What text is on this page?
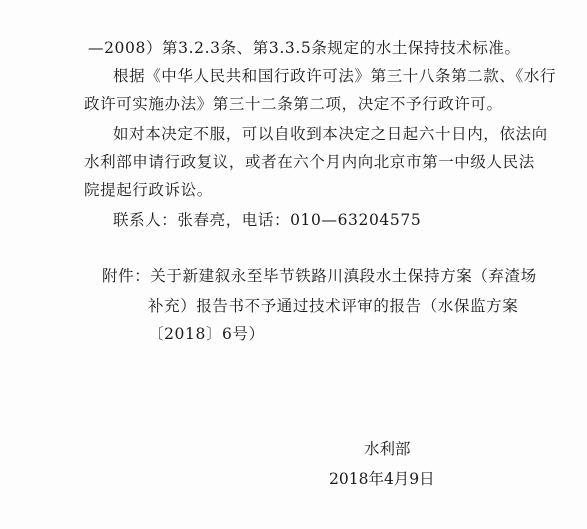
—2008）第3.2.3条、第3.3.5条规定的水土保持技术标准。
根据《中华人民共和国行政许可法》第三十八条第二款、《水行
政许可实施办法》第三十二条第二项，决定不予行政许可。
如对本决定不服，可以自收到本决定之日起六十日内，依法向
水利部申请行政复议，或者在六个月内向北京市第一中级人民法
院提起行政诉讼。
联系人：张春亮，电话：010—63204575
附件：关于新建叙永至毕节铁路川滇段水土保持方案（弃渣场
补充）报告书不予通过技术评审的报告（水保监方案
〔2018〕6号）
水利部
2018年4月9日
